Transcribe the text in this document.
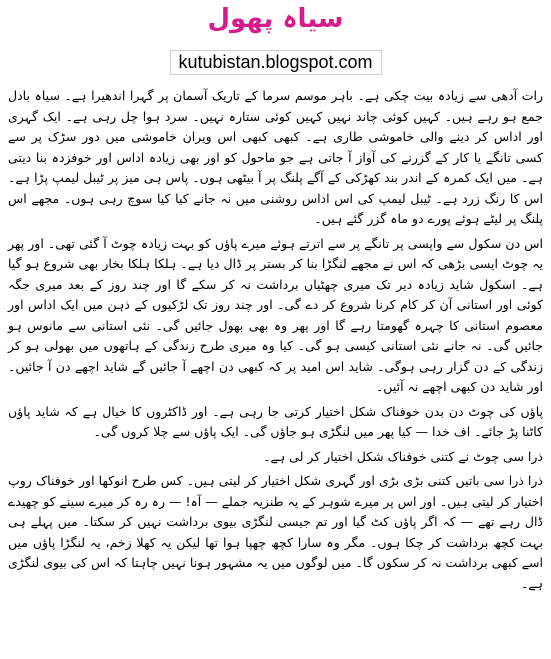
سیاہ پھول
kutubistan.blogspot.com

رات آدھی سے زیادہ بیت چکی ہے۔ باہر موسم سرما کے تاریک آسمان پر گہرا اندھیرا ہے۔ سیاہ بادل جمع ہو رہے ہیں۔ کہیں کوئی چاند نہیں کہیں کوئی ستارہ نہیں۔ سرد ہوا چل رہی ہے۔ ایک گہری اور اداس کر دینے والی خاموشی طاری ہے۔ کبھی کبھی اس ویران خاموشی میں دور سڑک پر سے کسی تانگے یا کار کے گزرنے کی آواز آ جاتی ہے جو ماحول کو اور بھی زیادہ اداس اور خوفزدہ بنا دیتی ہے۔ میں ایک کمرہ کے اندر بند کھڑکی کے آگے پلنگ پر آ بیٹھی ہوں۔ پاس ہی میز پر ٹیبل لیمپ پڑا ہے۔ اس کا رنگ زرد ہے۔ ٹیبل لیمپ کی اس اداس روشنی میں نہ جانے کیا کیا سوچ رہی ہوں۔ مجھے اس پلنگ پر لیٹے ہوئے پورے دو ماہ گزر گئے ہیں۔

اس دن سکول سے واپسی پر تانگے پر سے اترتے ہوئے میرے پاؤں کو بہت زیادہ چوٹ آ گئی تھی۔ اور پھر یہ چوٹ ایسی بڑھی کہ اس نے مجھے لنگڑا بنا کر بستر پر ڈال دیا ہے۔ ہلکا ہلکا بخار بھی شروع ہو گیا ہے۔ اسکول شاید زیادہ دیر تک میری چھٹیاں برداشت نہ کر سکے گا اور چند روز کے بعد میری جگہ کوئی اور استانی آن کر کام کرنا شروع کر دے گی۔ اور چند روز تک لڑکیوں کے ذہن میں ایک اداس اور معصوم استانی کا چہرہ گھومتا رہے گا اور پھر وہ بھی بھول جائیں گی۔ نئی استانی سے مانوس ہو جائیں گی۔ نہ جانے نئی استانی کیسی ہو گی۔ کیا وہ میری طرح زندگی کے ہاتھوں میں بھولی ہو کر زندگی کے دن گزار رہی ہوگی۔ شاید اس امید پر کہ کبھی دن اچھے آ جائیں گے شاید اچھے دن آ جائیں۔ اور شاید دن کبھی اچھے نہ آئیں۔

پاؤں کی چوٹ دن بدن خوفناک شکل اختیار کرتی جا رہی ہے۔ اور ڈاکٹروں کا خیال ہے کہ شاید پاؤں کاٹنا پڑ جائے۔ اف خدا — کیا پھر میں لنگڑی ہو جاؤں گی۔ ایک پاؤں سے چلا کروں گی۔

ذرا سی چوٹ نے کتنی خوفناک شکل اختیار کر لی ہے۔

ذرا ذرا سی باتیں کتنی بڑی بڑی اور گہری شکل اختیار کر لیتی ہیں۔ کس طرح انوکھا اور خوفناک روپ اختیار کر لیتی ہیں۔ اور اس پر میرے شوہر کے یہ طنزیہ جملے — آہ! — رہ رہ کر میرے سینے کو چھیدے ڈال رہے تھے — کہ اگر پاؤں کٹ گیا اور تم جیسی لنگڑی بیوی برداشت نہیں کر سکتا۔ میں پہلے ہی بہت کچھ برداشت کر چکا ہوں۔ مگر وہ سارا کچھ چھپا ہوا تھا لیکن یہ کھلا زخم، یہ لنگڑا پاؤں میں اسے کبھی برداشت نہ کر سکوں گا۔ میں لوگوں میں یہ مشہور ہونا نہیں چاہتا کہ اس کی بیوی لنگڑی ہے۔
